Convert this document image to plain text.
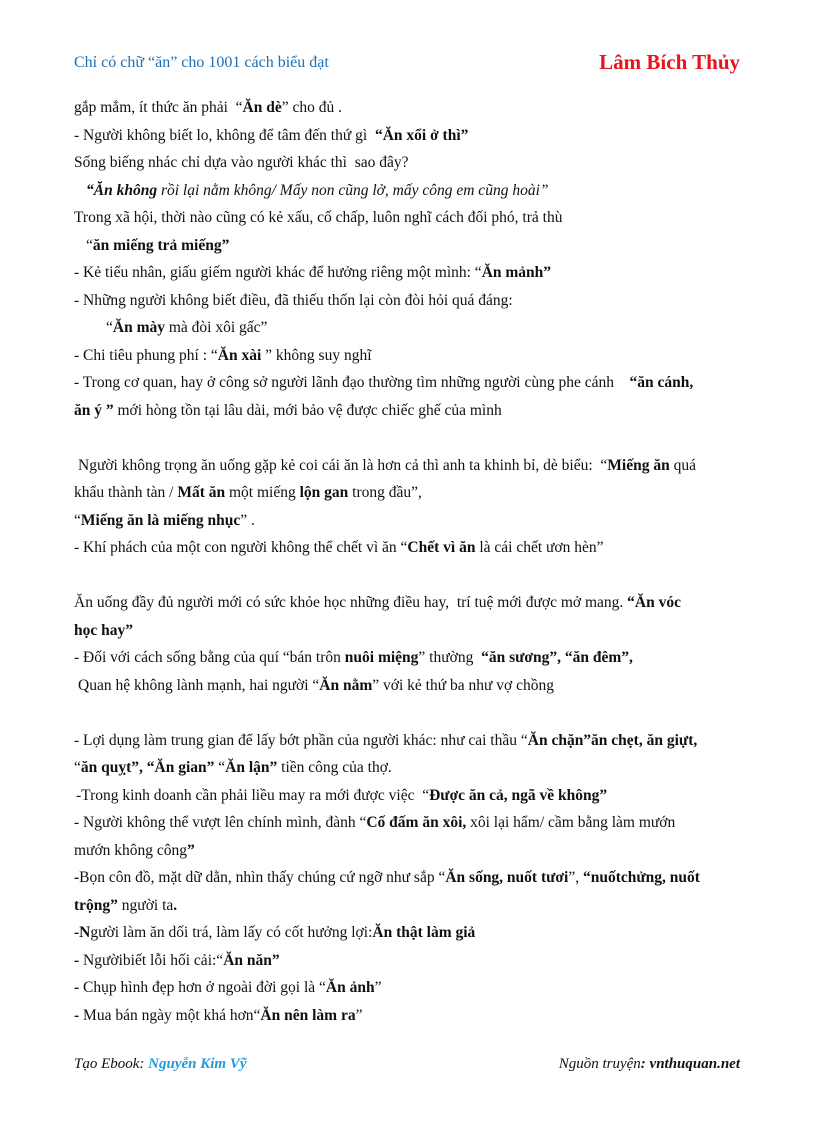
Chỉ có chữ “ăn” cho 1001 cách biểu đạt	Lâm Bích Thủy
gắp mắm, ít thức ăn phải  “Ăn dè” cho đủ .
- Người không biết lo, không để tâm đến thứ gì  “Ăn xổi ở thì”
Sống biếng nhác chỉ dựa vào người khác thì  sao đây?
“Ăn không rồi lại nằm không/ Mấy non cũng lở, mấy công em cũng hoài”
Trong xã hội, thời nào cũng có kẻ xấu, cố chấp, luôn nghĩ cách đối phó, trả thù
“ăn miếng trả miếng”
- Kẻ tiểu nhân, giấu giếm người khác để hưởng riêng một mình: “Ăn mảnh”
- Những người không biết điều, đã thiếu thốn lại còn đòi hỏi quá đáng:
“Ăn mày mà đòi xôi gấc”
- Chi tiêu phung phí : “Ăn xài ” không suy nghĩ
- Trong cơ quan, hay ở công sở người lãnh đạo thường tìm những người cùng phe cánh    “ăn cánh,
ăn ý ” mới hòng tồn tại lâu dài, mới bảo vệ được chiếc ghế của mình
Người không trọng ăn uống gặp kẻ coi cái ăn là hơn cả thì anh ta khinh bỉ, dè biểu:  “Miếng ăn quá
khẩu thành tàn / Mất ăn một miếng lộn gan trong đầu”,
“Miếng ăn là miếng nhục” .
- Khí phách của một con người không thể chết vì ăn “Chết vì ăn là cái chết ươn hèn”
Ăn uống đầy đủ người mới có sức khỏe học những điều hay,  trí tuệ mới được mở mang. “Ăn vóc
học hay”
- Đối với cách sống bằng của quí “bán trôn nuôi miệng” thường  “ăn sương”, “ăn đêm”,
Quan hệ không lành mạnh, hai người “Ăn nằm” với kẻ thứ ba như vợ chồng
- Lợi dụng làm trung gian để lấy bớt phần của người khác: như cai thầu “Ăn chặn”ăn chẹt, ăn giựt,
“ăn quỵt”, “Ăn gian” “Ăn lận” tiền công của thợ.
-Trong kinh doanh cần phải liều may ra mới được việc  “Được ăn cả, ngã về không”
- Người không thể vượt lên chính mình, đành “Cố đấm ăn xôi, xôi lại hẩm/ cầm bằng làm mướn
mướn không công”
-Bọn côn đồ, mặt dữ dằn, nhìn thấy chúng cứ ngỡ như sắp “Ăn sống, nuốt tươi”, “nuốtchửng, nuốt
trộng” người ta.
-Người làm ăn dối trá, làm lấy có cốt hưởng lợi:Ăn thật làm giả
- Ngườibiết lỗi hối cải:“Ăn năn”
- Chụp hình đẹp hơn ở ngoài đời gọi là “Ăn ảnh”
- Mua bán ngày một khá hơn“Ăn nên làm ra”
Tạo Ebook: Nguyễn Kim Vỹ	Nguồn truyện: vnthuquan.net
